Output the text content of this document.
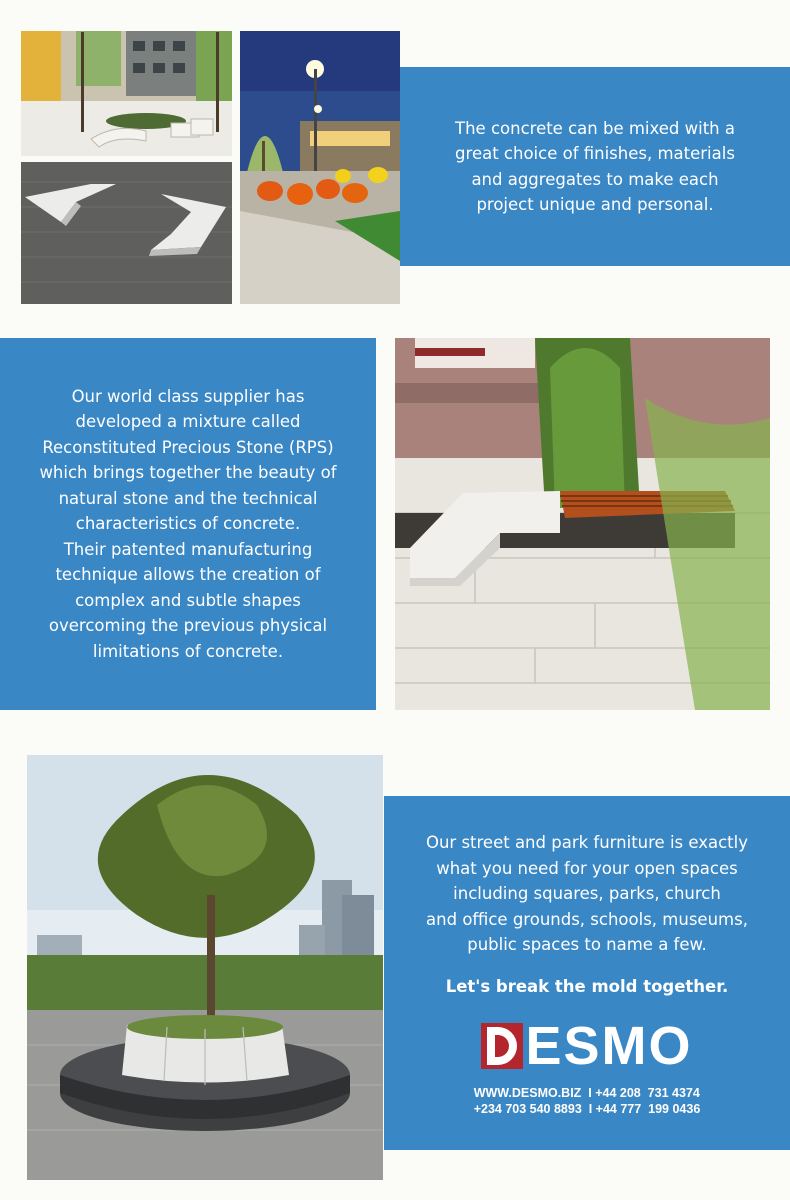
The concrete can be mixed with a
great choice of finishes, materials
and aggregates to make each
project unique and personal.

Our world class supplier has
developed a mixture called
Reconstituted Precious Stone (RPS)
which brings together the beauty of
natural stone and the technical
characteristics of concrete.
Their patented manufacturing
technique allows the creation of
complex and subtle shapes
overcoming the previous physical
limitations of concrete.

Our street and park furniture is exactly
what you need for your open spaces
including squares, parks, church
and office grounds, schools, museums,
public spaces to name a few.

Let's break the mold together.

ESMO
WWW.DESMO.BIZ  I +44 208  731 4374
+234 703 540 8893  I +44 777  199 0436
